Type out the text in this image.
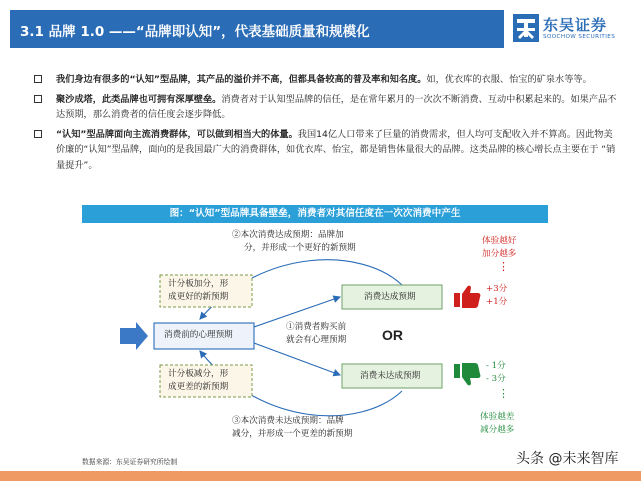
3.1 品牌 1.0 ——“品牌即认知”，代表基础质量和规模化	东吴证券
SOOCHOW SECURITIES
我们身边有很多的“认知”型品牌，其产品的溢价并不高，但都具备较高的普及率和知名度。如，优衣库的衣服、怡宝的矿泉水等等。
聚沙成塔，此类品牌也可拥有深厚壁垒。消费者对于认知型品牌的信任，是在常年累月的一次次不断消费、互动中积累起来的。如果产品不达预期，那么消费者的信任度会逐步降低。
“认知”型品牌面向主流消费群体，可以做到相当大的体量。我国14亿人口带来了巨量的消费需求，但人均可支配收入并不算高。因此物美价廉的“认知”型品牌，面向的是我国最广大的消费群体，如优衣库、怡宝，都是销售体量很大的品牌。这类品牌的核心增长点主要在于 “销量提升”。
图：“认知”型品牌具备壁垒，消费者对其信任度在一次次消费中产生
②本次消费达成预期：品牌加
分，并形成一个更好的新预期
计分板加分，形
成更好的新预期	消费达成预期
消费前的心理预期
①消费者购买前
就会有心理预期	OR
计分板减分，形
成更差的新预期
消费未达成预期
③本次消费未达成预期：品牌
减分，并形成一个更差的新预期
体验越好
加分越多
⋮
+3分
+1分
- 1分
- 3分
⋮
体验越差
减分越多
数据来源：东吴证券研究所绘制	头条 @未来智库
